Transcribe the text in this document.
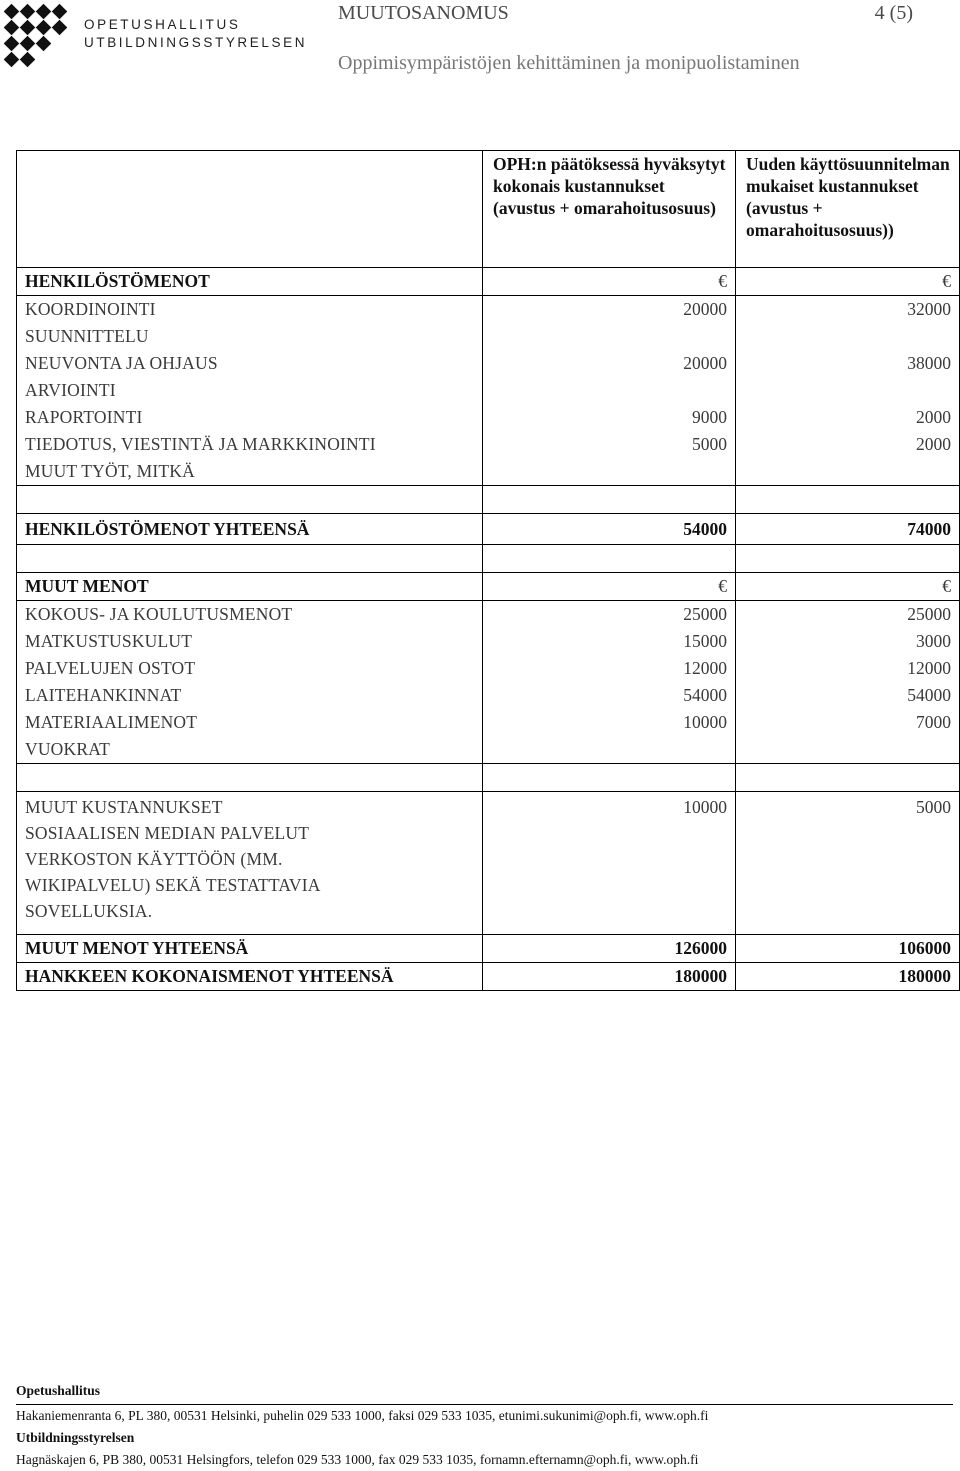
OPETUSHALLITUS
UTBILDNINGSSTYRELSEN
MUUTOSANOMUS	4 (5)
Oppimisympäristöjen kehittäminen ja monipuolistaminen
	OPH:n päätöksessä hyväksytyt kokonais kustannukset (avustus + omarahoitusosuus)	Uuden käyttösuunnitelman mukaiset kustannukset (avustus + omarahoitusosuus))
HENKILÖSTÖMENOT	€	€
KOORDINOINTI	20000	32000
SUUNNITTELU		
NEUVONTA JA OHJAUS	20000	38000
ARVIOINTI		
RAPORTOINTI	9000	2000
TIEDOTUS, VIESTINTÄ JA MARKKINOINTI	5000	2000
MUUT TYÖT, MITKÄ		

HENKILÖSTÖMENOT YHTEENSÄ	54000	74000

MUUT MENOT	€	€
KOKOUS- JA KOULUTUSMENOT	25000	25000
MATKUSTUSKULUT	15000	3000
PALVELUJEN OSTOT	12000	12000
LAITEHANKINNAT	54000	54000
MATERIAALIMENOT	10000	7000
VUOKRAT		

MUUT KUSTANNUKSET
SOSIAALISEN MEDIAN PALVELUT
VERKOSTON KÄYTTÖÖN (MM.
WIKIPALVELU) SEKÄ TESTATTAVIA
SOVELLUKSIA.	10000	5000
MUUT MENOT YHTEENSÄ	126000	106000
HANKKEEN KOKONAISMENOT YHTEENSÄ	180000	180000
Opetushallitus
Hakaniemenranta 6, PL 380, 00531 Helsinki, puhelin 029 533 1000, faksi 029 533 1035, etunimi.sukunimi@oph.fi, www.oph.fi
Utbildningsstyrelsen
Hagnäskajen 6, PB 380, 00531 Helsingfors, telefon 029 533 1000, fax 029 533 1035, fornamn.efternamn@oph.fi, www.oph.fi
